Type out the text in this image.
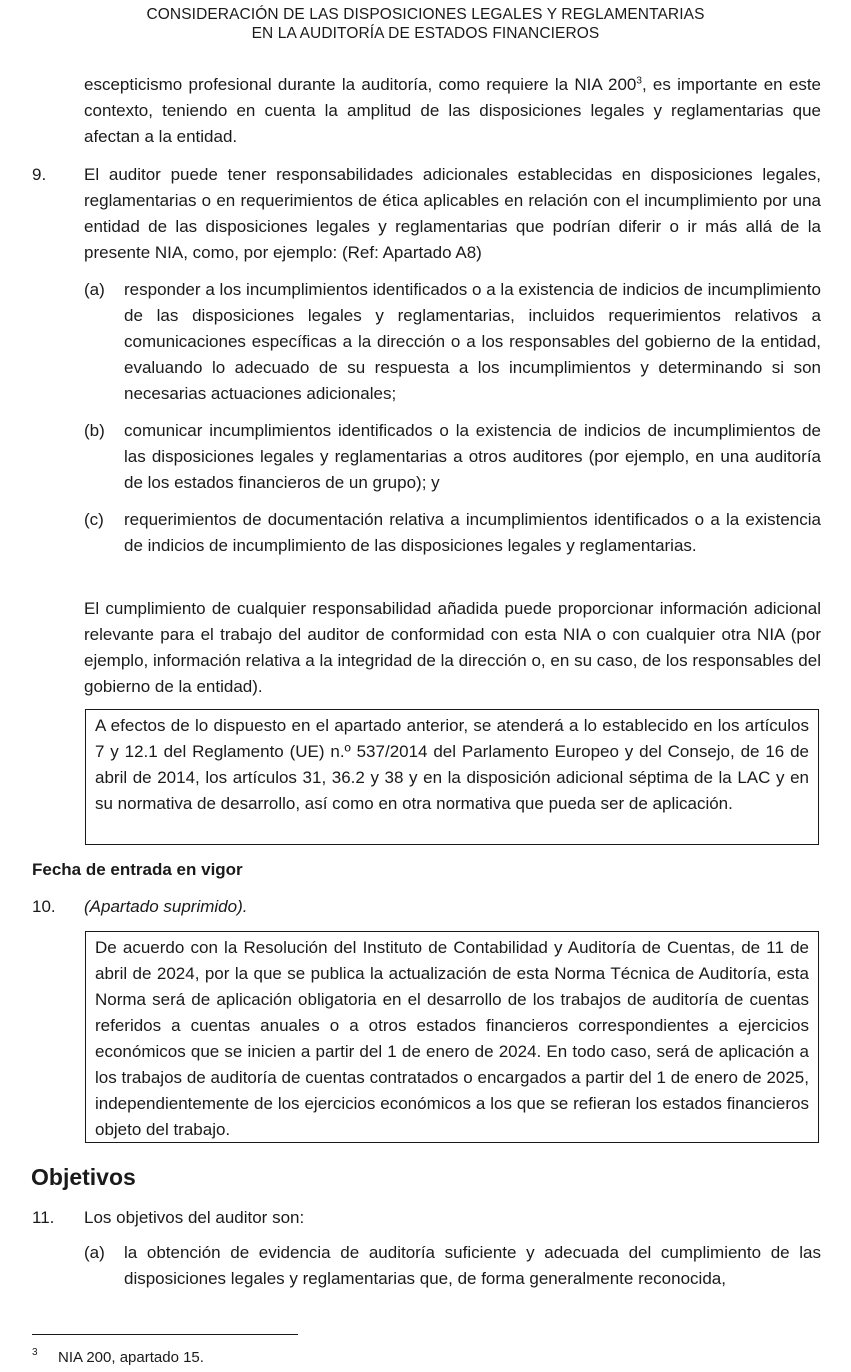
CONSIDERACIÓN DE LAS DISPOSICIONES LEGALES Y REGLAMENTARIAS
EN LA AUDITORÍA DE ESTADOS FINANCIEROS

escepticismo profesional durante la auditoría, como requiere la NIA $200^3$, es importante en este contexto, teniendo en cuenta la amplitud de las disposiciones legales y reglamentarias que afectan a la entidad.

9. El auditor puede tener responsabilidades adicionales establecidas en disposiciones legales, reglamentarias o en requerimientos de ética aplicables en relación con el incumplimiento por una entidad de las disposiciones legales y reglamentarias que podrían diferir o ir más allá de la presente NIA, como, por ejemplo: (Ref: Apartado A8)

(a) responder a los incumplimientos identificados o a la existencia de indicios de incumplimiento de las disposiciones legales y reglamentarias, incluidos requerimientos relativos a comunicaciones específicas a la dirección o a los responsables del gobierno de la entidad, evaluando lo adecuado de su respuesta a los incumplimientos y determinando si son necesarias actuaciones adicionales;

(b) comunicar incumplimientos identificados o la existencia de indicios de incumplimientos de las disposiciones legales y reglamentarias a otros auditores (por ejemplo, en una auditoría de los estados financieros de un grupo); y

(c) requerimientos de documentación relativa a incumplimientos identificados o a la existencia de indicios de incumplimiento de las disposiciones legales y reglamentarias.

El cumplimiento de cualquier responsabilidad añadida puede proporcionar información adicional relevante para el trabajo del auditor de conformidad con esta NIA o con cualquier otra NIA (por ejemplo, información relativa a la integridad de la dirección o, en su caso, de los responsables del gobierno de la entidad).

A efectos de lo dispuesto en el apartado anterior, se atenderá a lo establecido en los artículos 7 y 12.1 del Reglamento (UE) n.º 537/2014 del Parlamento Europeo y del Consejo, de 16 de abril de 2014, los artículos 31, 36.2 y 38 y en la disposición adicional séptima de la LAC y en su normativa de desarrollo, así como en otra normativa que pueda ser de aplicación.
Fecha de entrada en vigor
10. (Apartado suprimido).
De acuerdo con la Resolución del Instituto de Contabilidad y Auditoría de Cuentas, de 11 de abril de 2024, por la que se publica la actualización de esta Norma Técnica de Auditoría, esta Norma será de aplicación obligatoria en el desarrollo de los trabajos de auditoría de cuentas referidos a cuentas anuales o a otros estados financieros correspondientes a ejercicios económicos que se inicien a partir del 1 de enero de 2024. En todo caso, será de aplicación a los trabajos de auditoría de cuentas contratados o encargados a partir del 1 de enero de 2025, independientemente de los ejercicios económicos a los que se refieran los estados financieros objeto del trabajo.
Objetivos
11. Los objetivos del auditor son:
(a) la obtención de evidencia de auditoría suficiente y adecuada del cumplimiento de las disposiciones legales y reglamentarias que, de forma generalmente reconocida,

3 NIA 200, apartado 15.
